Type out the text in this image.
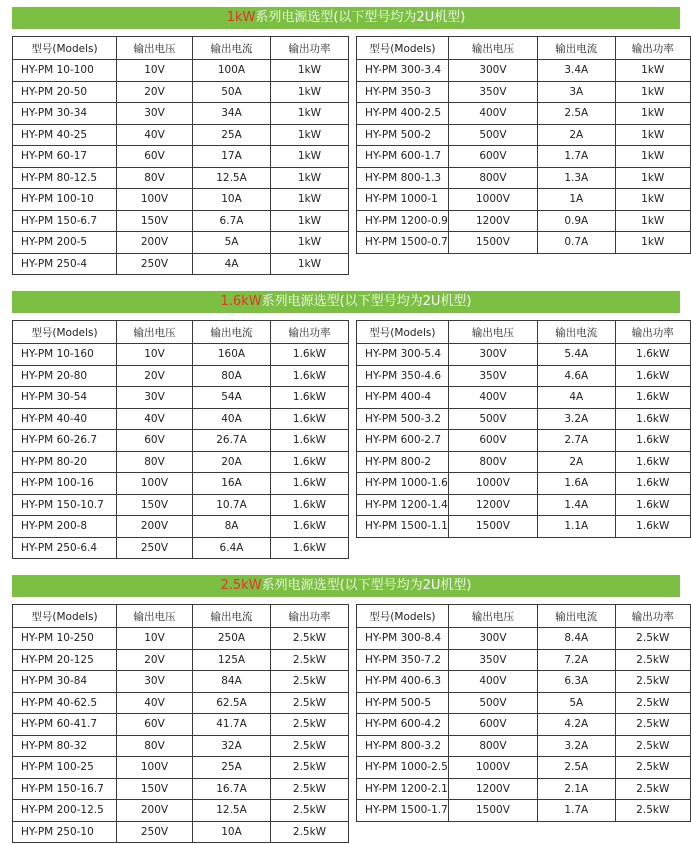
1kW系列电源选型(以下型号均为2U机型)
型号(Models)	输出电压	输出电流	输出功率
HY-PM 10-100	10V	100A	1kW
HY-PM 20-50	20V	50A	1kW
HY-PM 30-34	30V	34A	1kW
HY-PM 40-25	40V	25A	1kW
HY-PM 60-17	60V	17A	1kW
HY-PM 80-12.5	80V	12.5A	1kW
HY-PM 100-10	100V	10A	1kW
HY-PM 150-6.7	150V	6.7A	1kW
HY-PM 200-5	200V	5A	1kW
HY-PM 250-4	250V	4A	1kW
型号(Models)	输出电压	输出电流	输出功率
HY-PM 300-3.4	300V	3.4A	1kW
HY-PM 350-3	350V	3A	1kW
HY-PM 400-2.5	400V	2.5A	1kW
HY-PM 500-2	500V	2A	1kW
HY-PM 600-1.7	600V	1.7A	1kW
HY-PM 800-1.3	800V	1.3A	1kW
HY-PM 1000-1	1000V	1A	1kW
HY-PM 1200-0.9	1200V	0.9A	1kW
HY-PM 1500-0.7	1500V	0.7A	1kW
1.6kW系列电源选型(以下型号均为2U机型)
型号(Models)	输出电压	输出电流	输出功率
HY-PM 10-160	10V	160A	1.6kW
HY-PM 20-80	20V	80A	1.6kW
HY-PM 30-54	30V	54A	1.6kW
HY-PM 40-40	40V	40A	1.6kW
HY-PM 60-26.7	60V	26.7A	1.6kW
HY-PM 80-20	80V	20A	1.6kW
HY-PM 100-16	100V	16A	1.6kW
HY-PM 150-10.7	150V	10.7A	1.6kW
HY-PM 200-8	200V	8A	1.6kW
HY-PM 250-6.4	250V	6.4A	1.6kW
型号(Models)	输出电压	输出电流	输出功率
HY-PM 300-5.4	300V	5.4A	1.6kW
HY-PM 350-4.6	350V	4.6A	1.6kW
HY-PM 400-4	400V	4A	1.6kW
HY-PM 500-3.2	500V	3.2A	1.6kW
HY-PM 600-2.7	600V	2.7A	1.6kW
HY-PM 800-2	800V	2A	1.6kW
HY-PM 1000-1.6	1000V	1.6A	1.6kW
HY-PM 1200-1.4	1200V	1.4A	1.6kW
HY-PM 1500-1.1	1500V	1.1A	1.6kW
2.5kW系列电源选型(以下型号均为2U机型)
型号(Models)	输出电压	输出电流	输出功率
HY-PM 10-250	10V	250A	2.5kW
HY-PM 20-125	20V	125A	2.5kW
HY-PM 30-84	30V	84A	2.5kW
HY-PM 40-62.5	40V	62.5A	2.5kW
HY-PM 60-41.7	60V	41.7A	2.5kW
HY-PM 80-32	80V	32A	2.5kW
HY-PM 100-25	100V	25A	2.5kW
HY-PM 150-16.7	150V	16.7A	2.5kW
HY-PM 200-12.5	200V	12.5A	2.5kW
HY-PM 250-10	250V	10A	2.5kW
型号(Models)	输出电压	输出电流	输出功率
HY-PM 300-8.4	300V	8.4A	2.5kW
HY-PM 350-7.2	350V	7.2A	2.5kW
HY-PM 400-6.3	400V	6.3A	2.5kW
HY-PM 500-5	500V	5A	2.5kW
HY-PM 600-4.2	600V	4.2A	2.5kW
HY-PM 800-3.2	800V	3.2A	2.5kW
HY-PM 1000-2.5	1000V	2.5A	2.5kW
HY-PM 1200-2.1	1200V	2.1A	2.5kW
HY-PM 1500-1.7	1500V	1.7A	2.5kW
